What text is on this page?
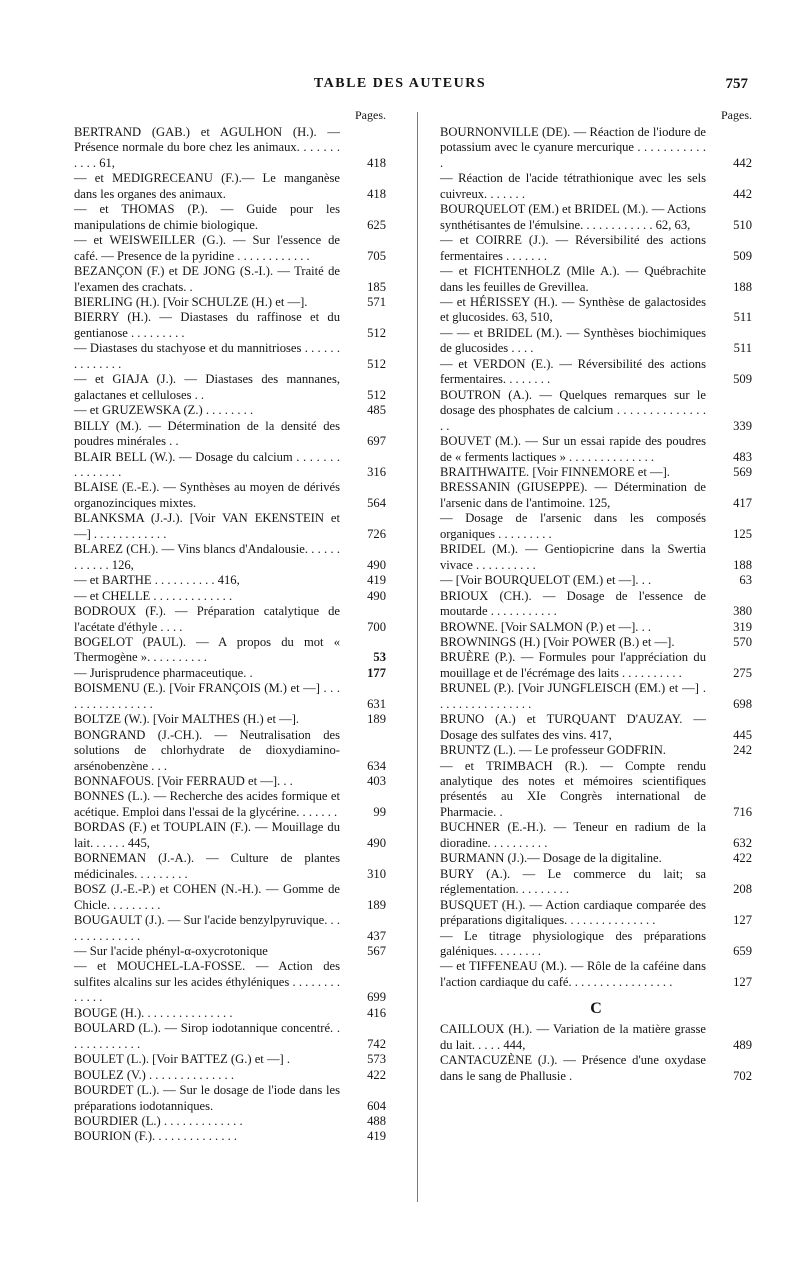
TABLE DES AUTEURS	757
Pages.
BERTRAND (GAB.) et AGULHON (H.). — Présence normale du bore chez les animaux. . . . . . . . . . . 61,	418
— et MEDIGRECEANU (F.).— Le manganèse dans les organes des animaux.	418
— et THOMAS (P.). — Guide pour les manipulations de chimie biologique.	625
— et WEISWEILLER (G.). — Sur l'essence de café. — Presence de la pyridine . . . . . . . . . . . .	705
BEZANÇON (F.) et DE JONG (S.-I.). — Traité de l'examen des crachats. .	185
BIERLING (H.). [Voir SCHULZE (H.) et —].	571
BIERRY (H.). — Diastases du raffinose et du gentianose . . . . . . . . .	512
— Diastases du stachyose et du mannitrioses . . . . . . . . . . . . . .	512
— et GIAJA (J.). — Diastases des mannanes, galactanes et celluloses . .	512
— et GRUZEWSKA (Z.) . . . . . . . .	485
BILLY (M.). — Détermination de la densité des poudres minérales . .	697
BLAIR BELL (W.). — Dosage du calcium . . . . . . . . . . . . . . .	316
BLAISE (E.-E.). — Synthèses au moyen de dérivés organozinciques mixtes.	564
BLANKSMA (J.-J.). [Voir VAN EKENSTEIN et —] . . . . . . . . . . . .	726
BLAREZ (CH.). — Vins blancs d'Andalousie. . . . . . . . . . . . 126,	490
— et BARTHE . . . . . . . . . . 416,	419
— et CHELLE . . . . . . . . . . . . .	490
BODROUX (F.). — Préparation catalytique de l'acétate d'éthyle . . . .	700
BOGELOT (PAUL). — A propos du mot « Thermogène ». . . . . . . . . .	53
— Jurisprudence pharmaceutique. .	177
BOISMENU (E.). [Voir FRANÇOIS (M.) et —] . . . . . . . . . . . . . . . .	631
BOLTZE (W.). [Voir MALTHES (H.) et —].	189
BONGRAND (J.-CH.). — Neutralisation des solutions de chlorhydrate de dioxydiamino-arsénobenzène . . .	634
BONNAFOUS. [Voir FERRAUD et —]. . .	403
BONNES (L.). — Recherche des acides formique et acétique. Emploi dans l'essai de la glycérine. . . . . . .	99
BORDAS (F.) et TOUPLAIN (F.). — Mouillage du lait. . . . . . 445,	490
BORNEMAN (J.-A.). — Culture de plantes médicinales. . . . . . . . .	310
BOSZ (J.-E.-P.) et COHEN (N.-H.). — Gomme de Chicle. . . . . . . . .	189
BOUGAULT (J.). — Sur l'acide benzylpyruvique. . . . . . . . . . . . . .	437
— Sur l'acide phényl-α-oxycrotonique	567
— et MOUCHEL-LA-FOSSE. — Action des sulfites alcalins sur les acides éthyléniques . . . . . . . . . . . . .	699
BOUGE (H.). . . . . . . . . . . . . . .	416
BOULARD (L.). — Sirop iodotannique concentré. . . . . . . . . . . . .	742
BOULET (L.). [Voir BATTEZ (G.) et —] .	573
BOULEZ (V.) . . . . . . . . . . . . . .	422
BOURDET (L.). — Sur le dosage de l'iode dans les préparations iodotanniques.	604
BOURDIER (L.) . . . . . . . . . . . . .	488
BOURION (F.). . . . . . . . . . . . . .	419
Pages.
BOURNONVILLE (DE). — Réaction de l'iodure de potassium avec le cyanure mercurique . . . . . . . . . . . .	442
— Réaction de l'acide tétrathionique avec les sels cuivreux. . . . . . .	442
BOURQUELOT (EM.) et BRIDEL (M.). — Actions synthétisantes de l'émulsine. . . . . . . . . . . . 62, 63,	510
— et COIRRE (J.). — Réversibilité des actions fermentaires . . . . . . .	509
— et FICHTENHOLZ (Mlle A.). — Québrachite dans les feuilles de Grevillea.	188
— et HÉRISSEY (H.). — Synthèse de galactosides et glucosides. 63, 510,	511
— — et BRIDEL (M.). — Synthèses biochimiques de glucosides . . . .	511
— et VERDON (E.). — Réversibilité des actions fermentaires. . . . . . . .	509
BOUTRON (A.). — Quelques remarques sur le dosage des phosphates de calcium . . . . . . . . . . . . . . . .	339
BOUVET (M.). — Sur un essai rapide des poudres de « ferments lactiques » . . . . . . . . . . . . . .	483
BRAITHWAITE. [Voir FINNEMORE et —].	569
BRESSANIN (GIUSEPPE). — Détermination de l'arsenic dans de l'antimoine. 125,	417
— Dosage de l'arsenic dans les composés organiques . . . . . . . . .	125
BRIDEL (M.). — Gentiopicrine dans la Swertia vivace . . . . . . . . . .	188
— [Voir BOURQUELOT (EM.) et —]. . .	63
BRIOUX (CH.). — Dosage de l'essence de moutarde . . . . . . . . . . .	380
BROWNE. [Voir SALMON (P.) et —]. . .	319
BROWNINGS (H.) [Voir POWER (B.) et —].	570
BRUÈRE (P.). — Formules pour l'appréciation du mouillage et de l'écrémage des laits . . . . . . . . . .	275
BRUNEL (P.). [Voir JUNGFLEISCH (EM.) et —] . . . . . . . . . . . . . . . .	698
BRUNO (A.) et TURQUANT D'AUZAY. — Dosage des sulfates des vins. 417,	445
BRUNTZ (L.). — Le professeur GODFRIN.	242
— et TRIMBACH (R.). — Compte rendu analytique des notes et mémoires scientifiques présentés au XIe Congrès international de Pharmacie. .	716
BUCHNER (E.-H.). — Teneur en radium de la dioradine. . . . . . . . . .	632
BURMANN (J.).— Dosage de la digitaline.	422
BURY (A.). — Le commerce du lait; sa réglementation. . . . . . . . .	208
BUSQUET (H.). — Action cardiaque comparée des préparations digitaliques. . . . . . . . . . . . . . .	127
— Le titrage physiologique des préparations galéniques. . . . . . . .	659
— et TIFFENEAU (M.). — Rôle de la caféine dans l'action cardiaque du café. . . . . . . . . . . . . . . . .	127
C
CAILLOUX (H.). — Variation de la matière grasse du lait. . . . . 444,	489
CANTACUZÈNE (J.). — Présence d'une oxydase dans le sang de Phallusie .	702
